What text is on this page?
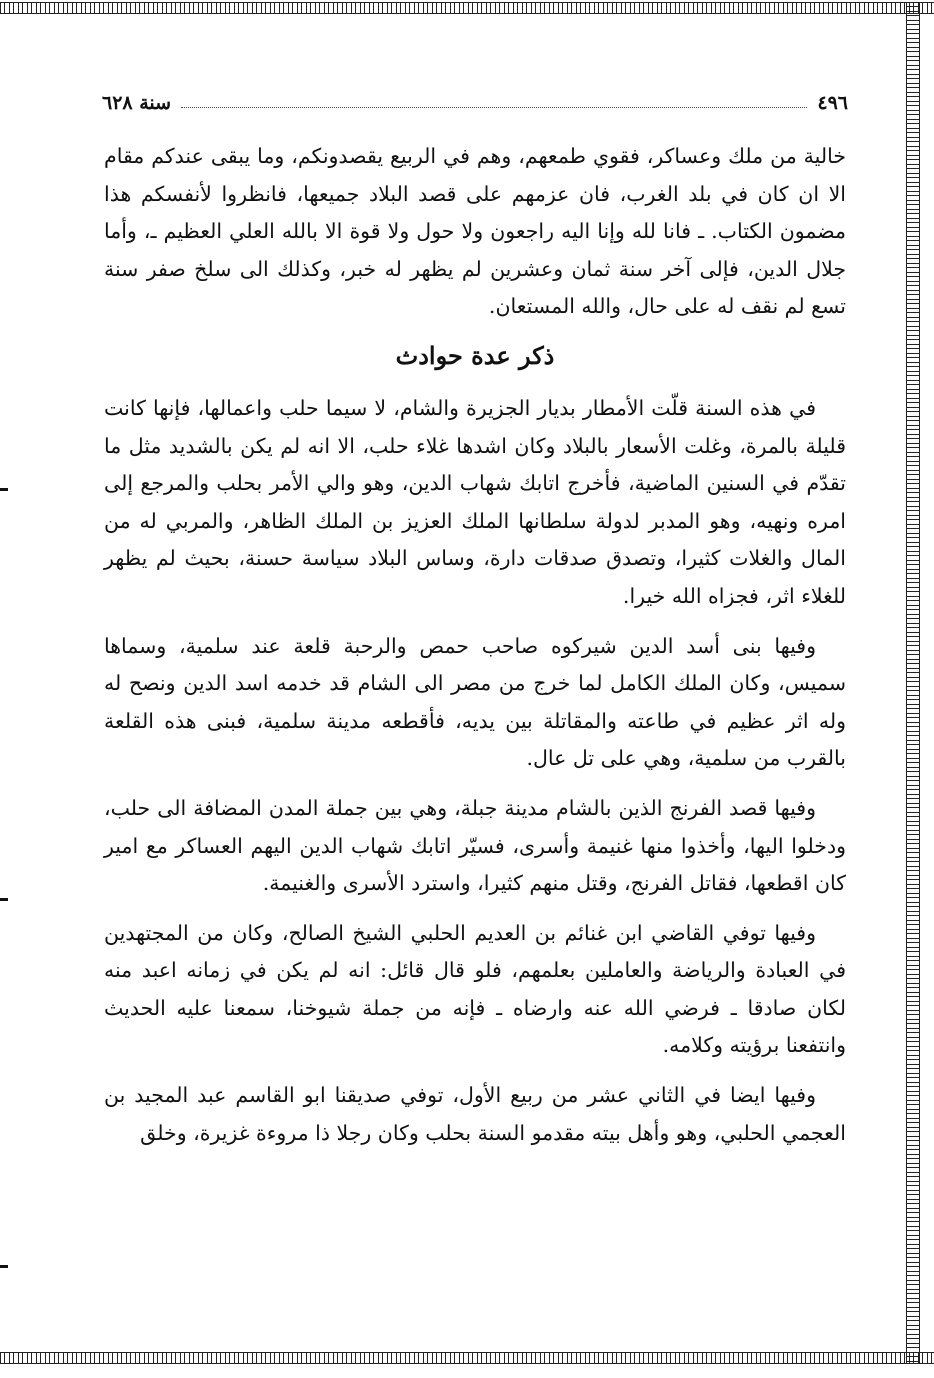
٤٩٦
سنة ٦٢٨

خالية من ملك وعساكر، فقوي طمعهم، وهم في الربيع يقصدونكم، وما يبقى عندكم مقام الا ان كان في بلد الغرب، فان عزمهم على قصد البلاد جميعها، فانظروا لأنفسكم هذا مضمون الكتاب. ـ فانا لله وإنا اليه راجعون ولا حول ولا قوة الا بالله العلي العظيم ـ، وأما جلال الدين، فإلى آخر سنة ثمان وعشرين لم يظهر له خبر، وكذلك الى سلخ صفر سنة تسع لم نقف له على حال، والله المستعان.

ذكر عدة حوادث

في هذه السنة قلّت الأمطار بديار الجزيرة والشام، لا سيما حلب واعمالها، فإنها كانت قليلة بالمرة، وغلت الأسعار بالبلاد وكان اشدها غلاء حلب، الا انه لم يكن بالشديد مثل ما تقدّم في السنين الماضية، فأخرج اتابك شهاب الدين، وهو والي الأمر بحلب والمرجع إلى امره ونهيه، وهو المدبر لدولة سلطانها الملك العزيز بن الملك الظاهر، والمربي له من المال والغلات كثيرا، وتصدق صدقات دارة، وساس البلاد سياسة حسنة، بحيث لم يظهر للغلاء اثر، فجزاه الله خيرا.

وفيها بنى أسد الدين شيركوه صاحب حمص والرحبة قلعة عند سلمية، وسماها سميس، وكان الملك الكامل لما خرج من مصر الى الشام قد خدمه اسد الدين ونصح له وله اثر عظيم في طاعته والمقاتلة بين يديه، فأقطعه مدينة سلمية، فبنى هذه القلعة بالقرب من سلمية، وهي على تل عال.

وفيها قصد الفرنج الذين بالشام مدينة جبلة، وهي بين جملة المدن المضافة الى حلب، ودخلوا اليها، وأخذوا منها غنيمة وأسرى، فسيّر اتابك شهاب الدين اليهم العساكر مع امير كان اقطعها، فقاتل الفرنج، وقتل منهم كثيرا، واسترد الأسرى والغنيمة.

وفيها توفي القاضي ابن غنائم بن العديم الحلبي الشيخ الصالح، وكان من المجتهدين في العبادة والرياضة والعاملين بعلمهم، فلو قال قائل: انه لم يكن في زمانه اعبد منه لكان صادقا ـ فرضي الله عنه وارضاه ـ فإنه من جملة شيوخنا، سمعنا عليه الحديث وانتفعنا برؤيته وكلامه.

وفيها ايضا في الثاني عشر من ربيع الأول، توفي صديقنا ابو القاسم عبد المجيد بن العجمي الحلبي، وهو وأهل بيته مقدمو السنة بحلب وكان رجلا ذا مروءة غزيرة، وخلق
